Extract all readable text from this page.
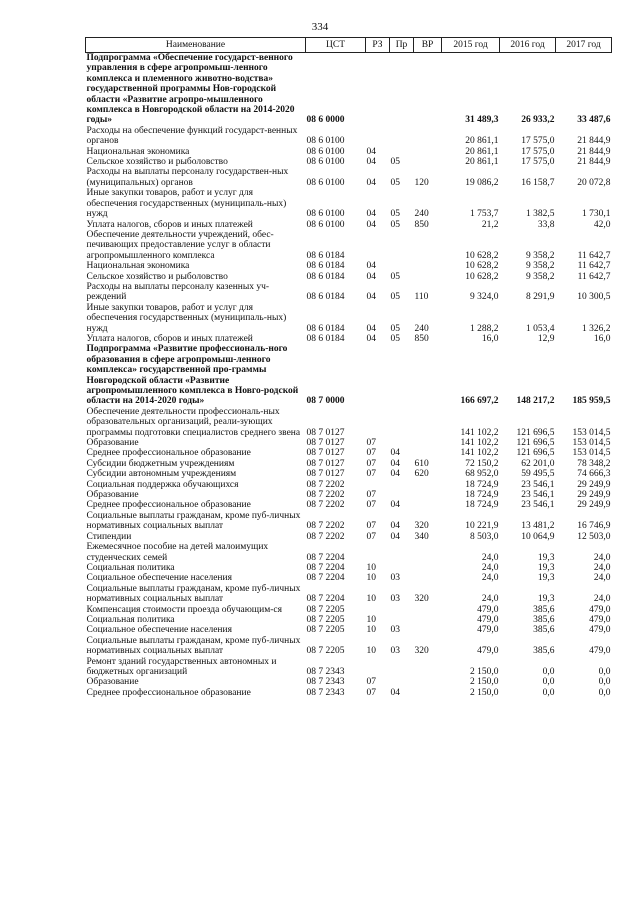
334
Наименование	ЦСТ	РЗ	Пр	ВР	2015 год	2016 год	2017 год
Подпрограмма «Обеспечение государст-венного управления в сфере агропромыш-ленного комплекса и племенного животно-водства» государственной программы Нов-городской области «Развитие агропро-мышленного комплекса в Новгородской области на 2014-2020 годы»	08 6 0000				31 489,3	26 933,2	33 487,6
Расходы на обеспечение функций государст-венных органов	08 6 0100				20 861,1	17 575,0	21 844,9
Национальная экономика	08 6 0100	04			20 861,1	17 575,0	21 844,9
Сельское хозяйство и рыболовство	08 6 0100	04	05		20 861,1	17 575,0	21 844,9
Расходы на выплаты персоналу государствен-ных (муниципальных) органов	08 6 0100	04	05	120	19 086,2	16 158,7	20 072,8
Иные закупки товаров, работ и услуг для обеспечения государственных (муниципаль-ных) нужд	08 6 0100	04	05	240	1 753,7	1 382,5	1 730,1
Уплата налогов, сборов и иных платежей	08 6 0100	04	05	850	21,2	33,8	42,0
Обеспечение деятельности учреждений, обес-печивающих предоставление услуг в области агропромышленного комплекса	08 6 0184				10 628,2	9 358,2	11 642,7
Национальная экономика	08 6 0184	04			10 628,2	9 358,2	11 642,7
Сельское хозяйство и рыболовство	08 6 0184	04	05		10 628,2	9 358,2	11 642,7
Расходы на выплаты персоналу казенных уч-реждений	08 6 0184	04	05	110	9 324,0	8 291,9	10 300,5
Иные закупки товаров, работ и услуг для обеспечения государственных (муниципаль-ных) нужд	08 6 0184	04	05	240	1 288,2	1 053,4	1 326,2
Уплата налогов, сборов и иных платежей	08 6 0184	04	05	850	16,0	12,9	16,0
Подпрограмма «Развитие профессиональ-ного образования в сфере агропромыш-ленного комплекса» государственной про-граммы Новгородской области «Развитие агропромышленного комплекса в Новго-родской области на 2014-2020 годы»	08 7 0000				166 697,2	148 217,2	185 959,5
Обеспечение деятельности профессиональ-ных образовательных организаций, реали-зующих программы подготовки специалистов среднего звена	08 7 0127				141 102,2	121 696,5	153 014,5
Образование	08 7 0127	07			141 102,2	121 696,5	153 014,5
Среднее профессиональное образование	08 7 0127	07	04		141 102,2	121 696,5	153 014,5
Субсидии бюджетным учреждениям	08 7 0127	07	04	610	72 150,2	62 201,0	78 348,2
Субсидии автономным учреждениям	08 7 0127	07	04	620	68 952,0	59 495,5	74 666,3
Социальная поддержка обучающихся	08 7 2202				18 724,9	23 546,1	29 249,9
Образование	08 7 2202	07			18 724,9	23 546,1	29 249,9
Среднее профессиональное образование	08 7 2202	07	04		18 724,9	23 546,1	29 249,9
Социальные выплаты гражданам, кроме пуб-личных нормативных социальных выплат	08 7 2202	07	04	320	10 221,9	13 481,2	16 746,9
Стипендии	08 7 2202	07	04	340	8 503,0	10 064,9	12 503,0
Ежемесячное пособие на детей малоимущих студенческих семей	08 7 2204				24,0	19,3	24,0
Социальная политика	08 7 2204	10			24,0	19,3	24,0
Социальное обеспечение населения	08 7 2204	10	03		24,0	19,3	24,0
Социальные выплаты гражданам, кроме пуб-личных нормативных социальных выплат	08 7 2204	10	03	320	24,0	19,3	24,0
Компенсация стоимости проезда обучающим-ся	08 7 2205				479,0	385,6	479,0
Социальная политика	08 7 2205	10			479,0	385,6	479,0
Социальное обеспечение населения	08 7 2205	10	03		479,0	385,6	479,0
Социальные выплаты гражданам, кроме пуб-личных нормативных социальных выплат	08 7 2205	10	03	320	479,0	385,6	479,0
Ремонт зданий государственных автономных и бюджетных организаций	08 7 2343				2 150,0	0,0	0,0
Образование	08 7 2343	07			2 150,0	0,0	0,0
Среднее профессиональное образование	08 7 2343	07	04		2 150,0	0,0	0,0
